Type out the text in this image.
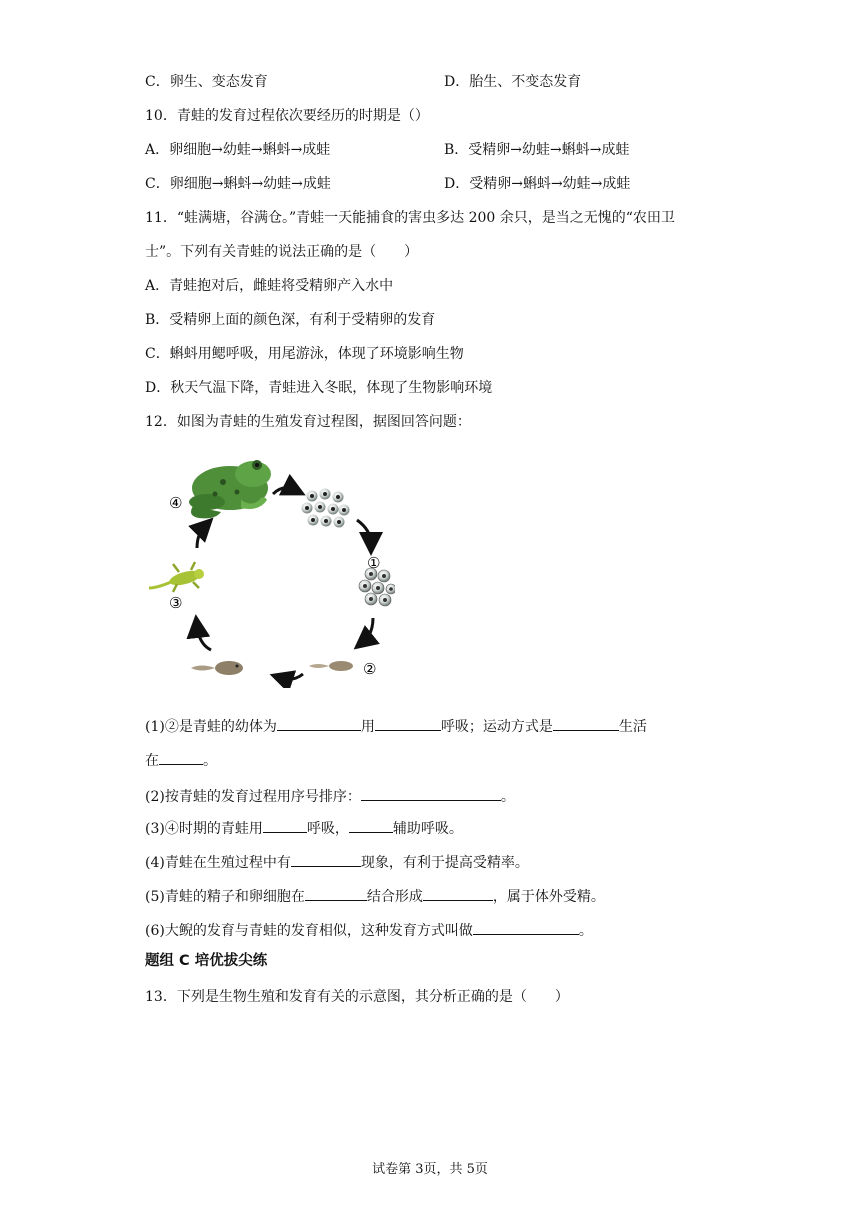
C．卵生、变态发育	D．胎生、不变态发育
10．青蛙的发育过程依次要经历的时期是（）
A．卵细胞→幼蛙→蝌蚪→成蛙	B．受精卵→幼蛙→蝌蚪→成蛙
C．卵细胞→蝌蚪→幼蛙→成蛙	D．受精卵→蝌蚪→幼蛙→成蛙
11．“蛙满塘，谷满仓。”青蛙一天能捕食的害虫多达 200 余只，是当之无愧的“农田卫
士”。下列有关青蛙的说法正确的是（　　）
A．青蛙抱对后，雌蛙将受精卵产入水中
B．受精卵上面的颜色深，有利于受精卵的发育
C．蝌蚪用鳃呼吸，用尾游泳，体现了环境影响生物
D．秋天气温下降，青蛙进入冬眠，体现了生物影响环境
12．如图为青蛙的生殖发育过程图，据图回答问题：
④
①
②
③
(1)②是青蛙的幼体为	用	呼吸；运动方式是	生活
在	。
(2)按青蛙的发育过程用序号排序：	。
(3)④时期的青蛙用	呼吸，	辅助呼吸。
(4)青蛙在生殖过程中有	现象，有利于提高受精率。
(5)青蛙的精子和卵细胞在	结合形成	，属于体外受精。
(6)大鲵的发育与青蛙的发育相似，这种发育方式叫做	。
题组 C 培优拔尖练
13．下列是生物生殖和发育有关的示意图，其分析正确的是（　　）
试卷第 3页，共 5页
